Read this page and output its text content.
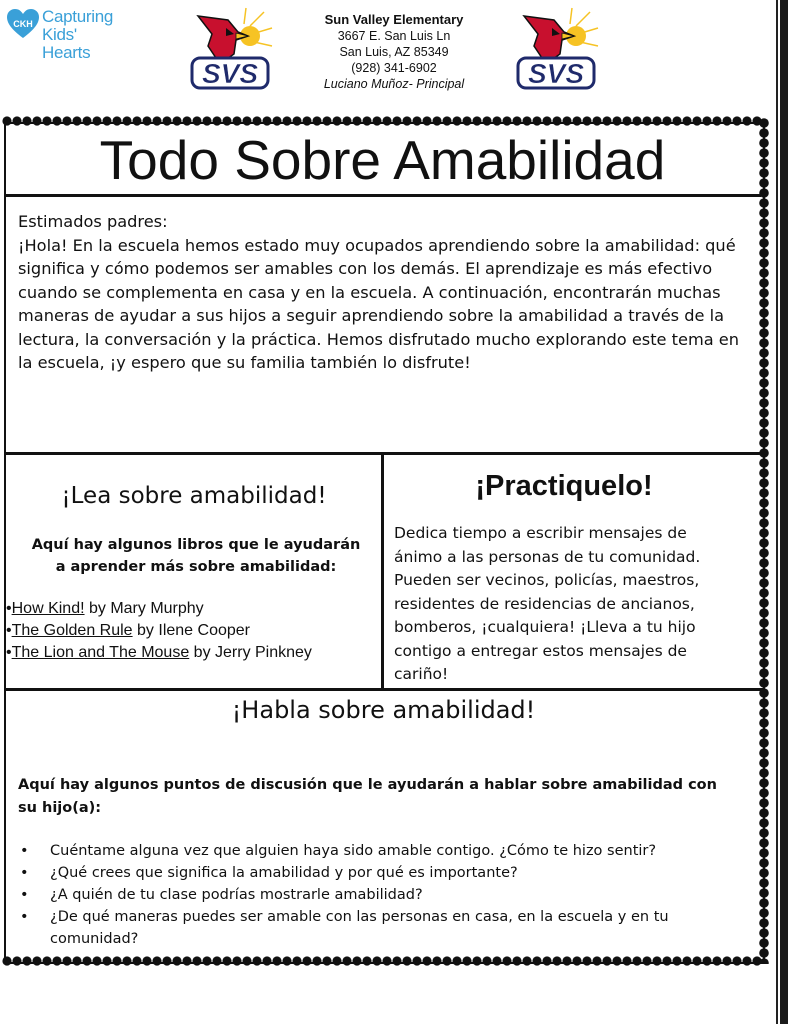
CKH Capturing
Kids' Hearts
SVS
Sun Valley Elementary
3667 E. San Luis Ln
San Luis, AZ 85349
(928) 341-6902
Luciano Muñoz- Principal	SVS
Todo Sobre Amabilidad

Estimados padres:

¡Hola! En la escuela hemos estado muy ocupados aprendiendo sobre la amabilidad: qué significa y cómo podemos ser amables con los demás. El aprendizaje es más efectivo cuando se complementa en casa y en la escuela. A continuación, encontrarán muchas maneras de ayudar a sus hijos a seguir aprendiendo sobre la amabilidad a través de la lectura, la conversación y la práctica. Hemos disfrutado mucho explorando este tema en la escuela, ¡y espero que su familia también lo disfrute!

¡Lea sobre amabilidad!
Aquí hay algunos libros que le ayudarán a aprender más sobre amabilidad:
•How Kind! by Mary Murphy
•The Golden Rule by Ilene Cooper
•The Lion and The Mouse by Jerry Pinkney
¡Practiquelo!
Dedica tiempo a escribir mensajes de ánimo a las personas de tu comunidad. Pueden ser vecinos, policías, maestros, residentes de residencias de ancianos, bomberos, ¡cualquiera! ¡Lleva a tu hijo contigo a entregar estos mensajes de cariño!
¡Habla sobre amabilidad!
Aquí hay algunos puntos de discusión que le ayudarán a hablar sobre amabilidad con su hijo(a):
• Cuéntame alguna vez que alguien haya sido amable contigo. ¿Cómo te hizo sentir?
• ¿Qué crees que significa la amabilidad y por qué es importante?
• ¿A quién de tu clase podrías mostrarle amabilidad?
• ¿De qué maneras puedes ser amable con las personas en casa, en la escuela y en tu comunidad?
